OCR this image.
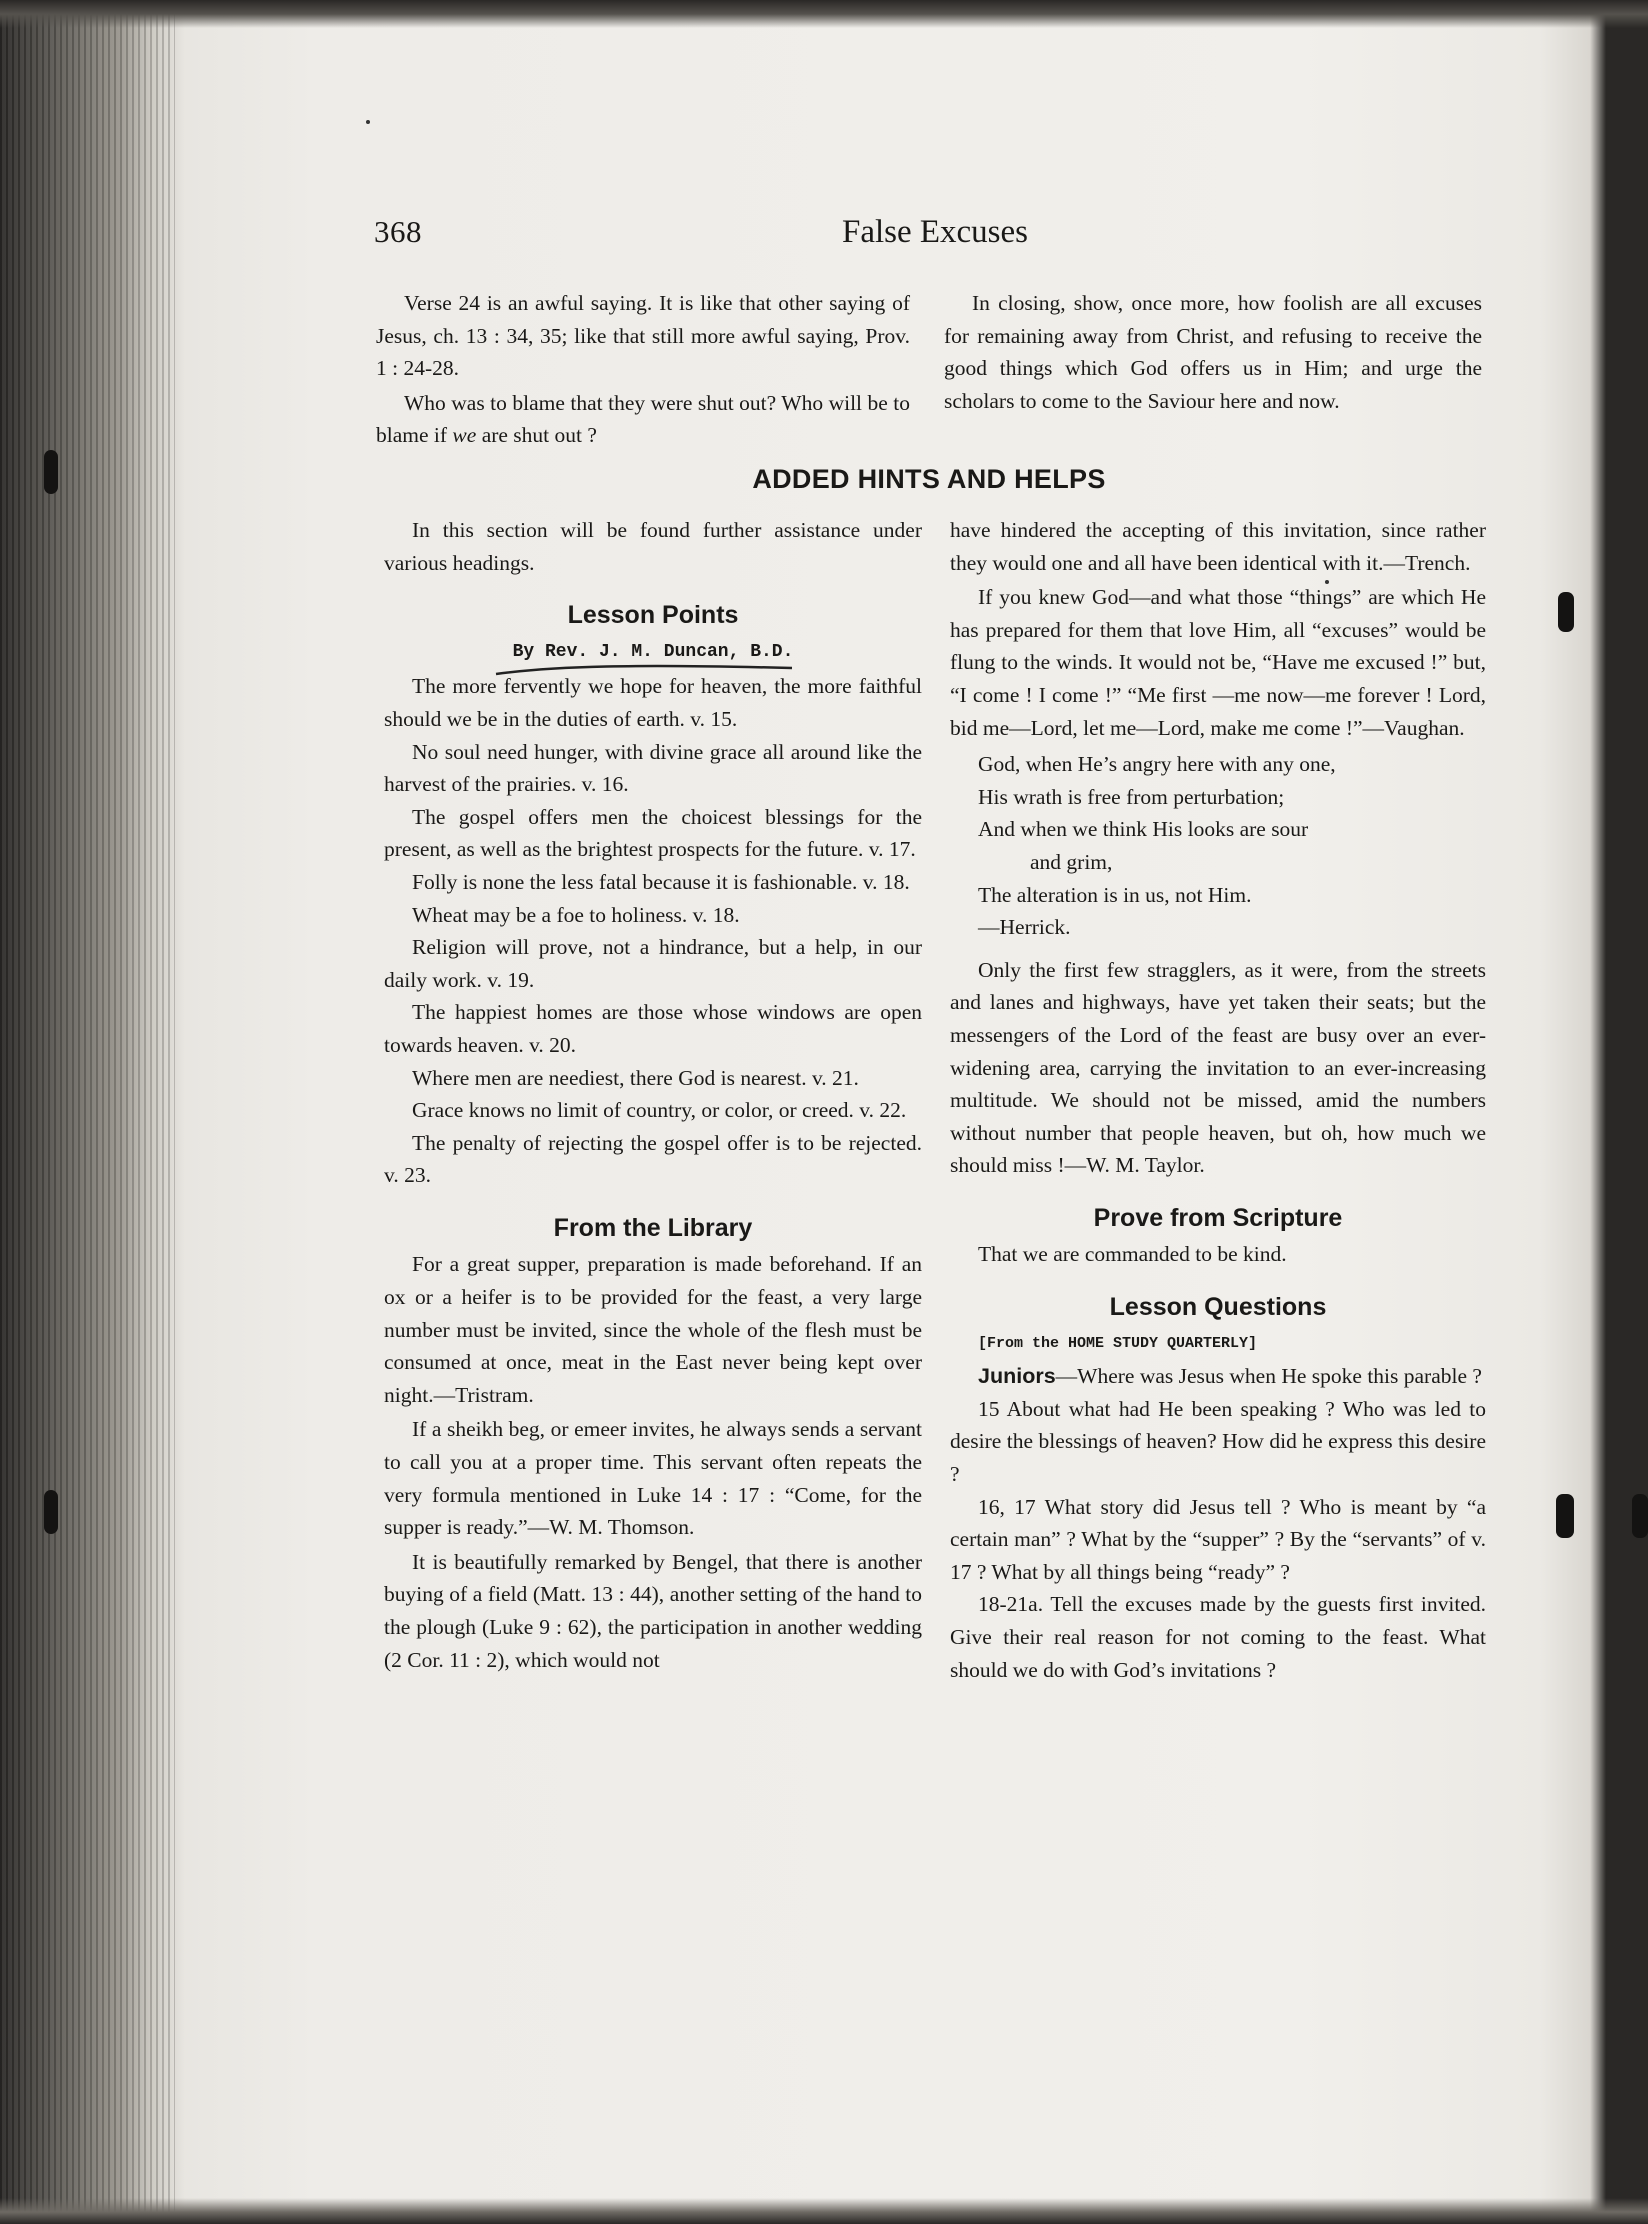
368	False Excuses

Verse 24 is an awful saying. It is like that other saying of Jesus, ch. 13 : 34, 35; like that still more awful saying, Prov. 1 : 24-28.

Who was to blame that they were shut out? Who will be to blame if we are shut out ?

In closing, show, once more, how foolish are all excuses for remaining away from Christ, and refusing to receive the good things which God offers us in Him; and urge the scholars to come to the Saviour here and now.

ADDED HINTS AND HELPS

In this section will be found further assistance under various headings.

Lesson Points
By Rev. J. M. Duncan, B.D.

The more fervently we hope for heaven, the more faithful should we be in the duties of earth. v. 15.

No soul need hunger, with divine grace all around like the harvest of the prairies. v. 16.

The gospel offers men the choicest blessings for the present, as well as the brightest prospects for the future. v. 17.

Folly is none the less fatal because it is fashionable. v. 18.

Wheat may be a foe to holiness. v. 18.

Religion will prove, not a hindrance, but a help, in our daily work. v. 19.

The happiest homes are those whose windows are open towards heaven. v. 20.

Where men are neediest, there God is nearest. v. 21.

Grace knows no limit of country, or color, or creed. v. 22.

The penalty of rejecting the gospel offer is to be rejected. v. 23.

From the Library

For a great supper, preparation is made beforehand. If an ox or a heifer is to be provided for the feast, a very large number must be invited, since the whole of the flesh must be consumed at once, meat in the East never being kept over night.—Tristram.

If a sheikh beg, or emeer invites, he always sends a servant to call you at a proper time. This servant often repeats the very formula mentioned in Luke 14 : 17 : “Come, for the supper is ready.”—W. M. Thomson.

It is beautifully remarked by Bengel, that there is another buying of a field (Matt. 13 : 44), another setting of the hand to the plough (Luke 9 : 62), the participation in another wedding (2 Cor. 11 : 2), which would not

have hindered the accepting of this invitation, since rather they would one and all have been identical with it.—Trench.

If you knew God—and what those “things” are which He has prepared for them that love Him, all “excuses” would be flung to the winds. It would not be, “Have me excused !” but, “I come ! I come !” “Me first —me now—me forever ! Lord, bid me—Lord, let me—Lord, make me come !”—Vaughan.

God, when He’s angry here with any one,

His wrath is free from perturbation;

And when we think His looks are sour

and grim,

The alteration is in us, not Him.

—Herrick.

Only the first few stragglers, as it were, from the streets and lanes and highways, have yet taken their seats; but the messengers of the Lord of the feast are busy over an ever-widening area, carrying the invitation to an ever-increasing multitude. We should not be missed, amid the numbers without number that people heaven, but oh, how much we should miss !—W. M. Taylor.

Prove from Scripture

That we are commanded to be kind.

Lesson Questions

[From the HOME STUDY QUARTERLY]

Juniors—Where was Jesus when He spoke this parable ?

15 About what had He been speaking ? Who was led to desire the blessings of heaven? How did he express this desire ?

16, 17 What story did Jesus tell ? Who is meant by “a certain man” ? What by the “supper” ? By the “servants” of v. 17 ? What by all things being “ready” ?

18-21a. Tell the excuses made by the guests first invited. Give their real reason for not coming to the feast. What should we do with God’s invitations ?
